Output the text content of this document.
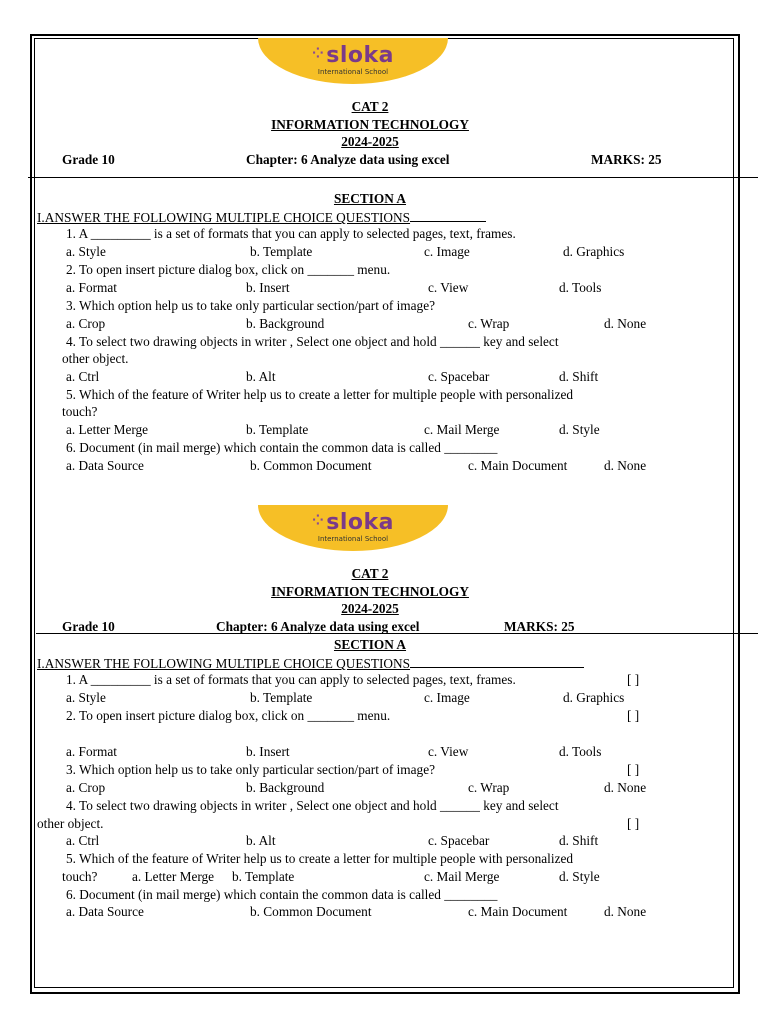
⁘sloka
International School
CAT 2
INFORMATION TECHNOLOGY
2024-2025
Grade 10	Chapter: 6 Analyze data using excel	MARKS: 25
SECTION A
I.ANSWER THE FOLLOWING MULTIPLE CHOICE QUESTIONS
1. A _________ is a set of formats that you can apply to selected pages, text, frames.
a. Style	b. Template	c. Image	d. Graphics
2. To open insert picture dialog box, click on _______ menu.
a. Format	b. Insert	c. View	d. Tools
3. Which option help us to take only particular section/part of image?
a. Crop	b. Background	c. Wrap	d. None
4. To select two drawing objects in writer , Select one object and hold ______ key and select
other object.
a. Ctrl	b. Alt	c. Spacebar	d. Shift
5. Which of the feature of Writer help us to create a letter for multiple people with personalized
touch?
a. Letter Merge	b. Template	c. Mail Merge	d. Style
6. Document (in mail merge) which contain the common data is called ________
a. Data Source	b. Common Document	c. Main Document	d. None
⁘sloka
International School
CAT 2
INFORMATION TECHNOLOGY
2024-2025
Grade 10	Chapter: 6 Analyze data using excel	MARKS: 25
SECTION A
I.ANSWER THE FOLLOWING MULTIPLE CHOICE QUESTIONS
1. A _________ is a set of formats that you can apply to selected pages, text, frames.	[ ]
a. Style	b. Template	c. Image	d. Graphics
2. To open insert picture dialog box, click on _______ menu.	[ ]
a. Format	b. Insert	c. View	d. Tools
3. Which option help us to take only particular section/part of image?	[ ]
a. Crop	b. Background	c. Wrap	d. None
4. To select two drawing objects in writer , Select one object and hold ______ key and select
other object.	[ ]
a. Ctrl	b. Alt	c. Spacebar	d. Shift
5. Which of the feature of Writer help us to create a letter for multiple people with personalized
touch?	a. Letter Merge b. Template	c. Mail Merge	d. Style
6. Document (in mail merge) which contain the common data is called ________
a. Data Source	b. Common Document	c. Main Document	d. None
